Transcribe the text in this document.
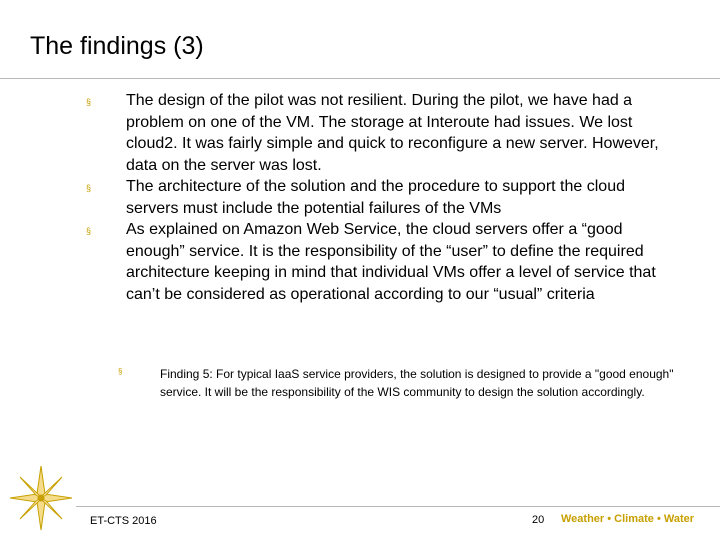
The findings (3)
§ The design of the pilot was not resilient. During the pilot, we have had a problem on one of the VM. The storage at Interoute had issues. We lost cloud2. It was fairly simple and quick to reconfigure a new server. However, data on the server was lost.
§ The architecture of the solution and the procedure to support the cloud servers must include the potential failures of the VMs
§ As explained on Amazon Web Service, the cloud servers offer a “good enough” service. It is the responsibility of the “user” to define the required architecture keeping in mind that individual VMs offer a level of service that can’t be considered as operational according to our “usual” criteria
§	Finding 5: For typical IaaS service providers, the solution is designed to provide a "good enough" service. It will be the responsibility of the WIS community to design the solution accordingly.
ET-CTS 2016	20 Weather • Climate • Water
